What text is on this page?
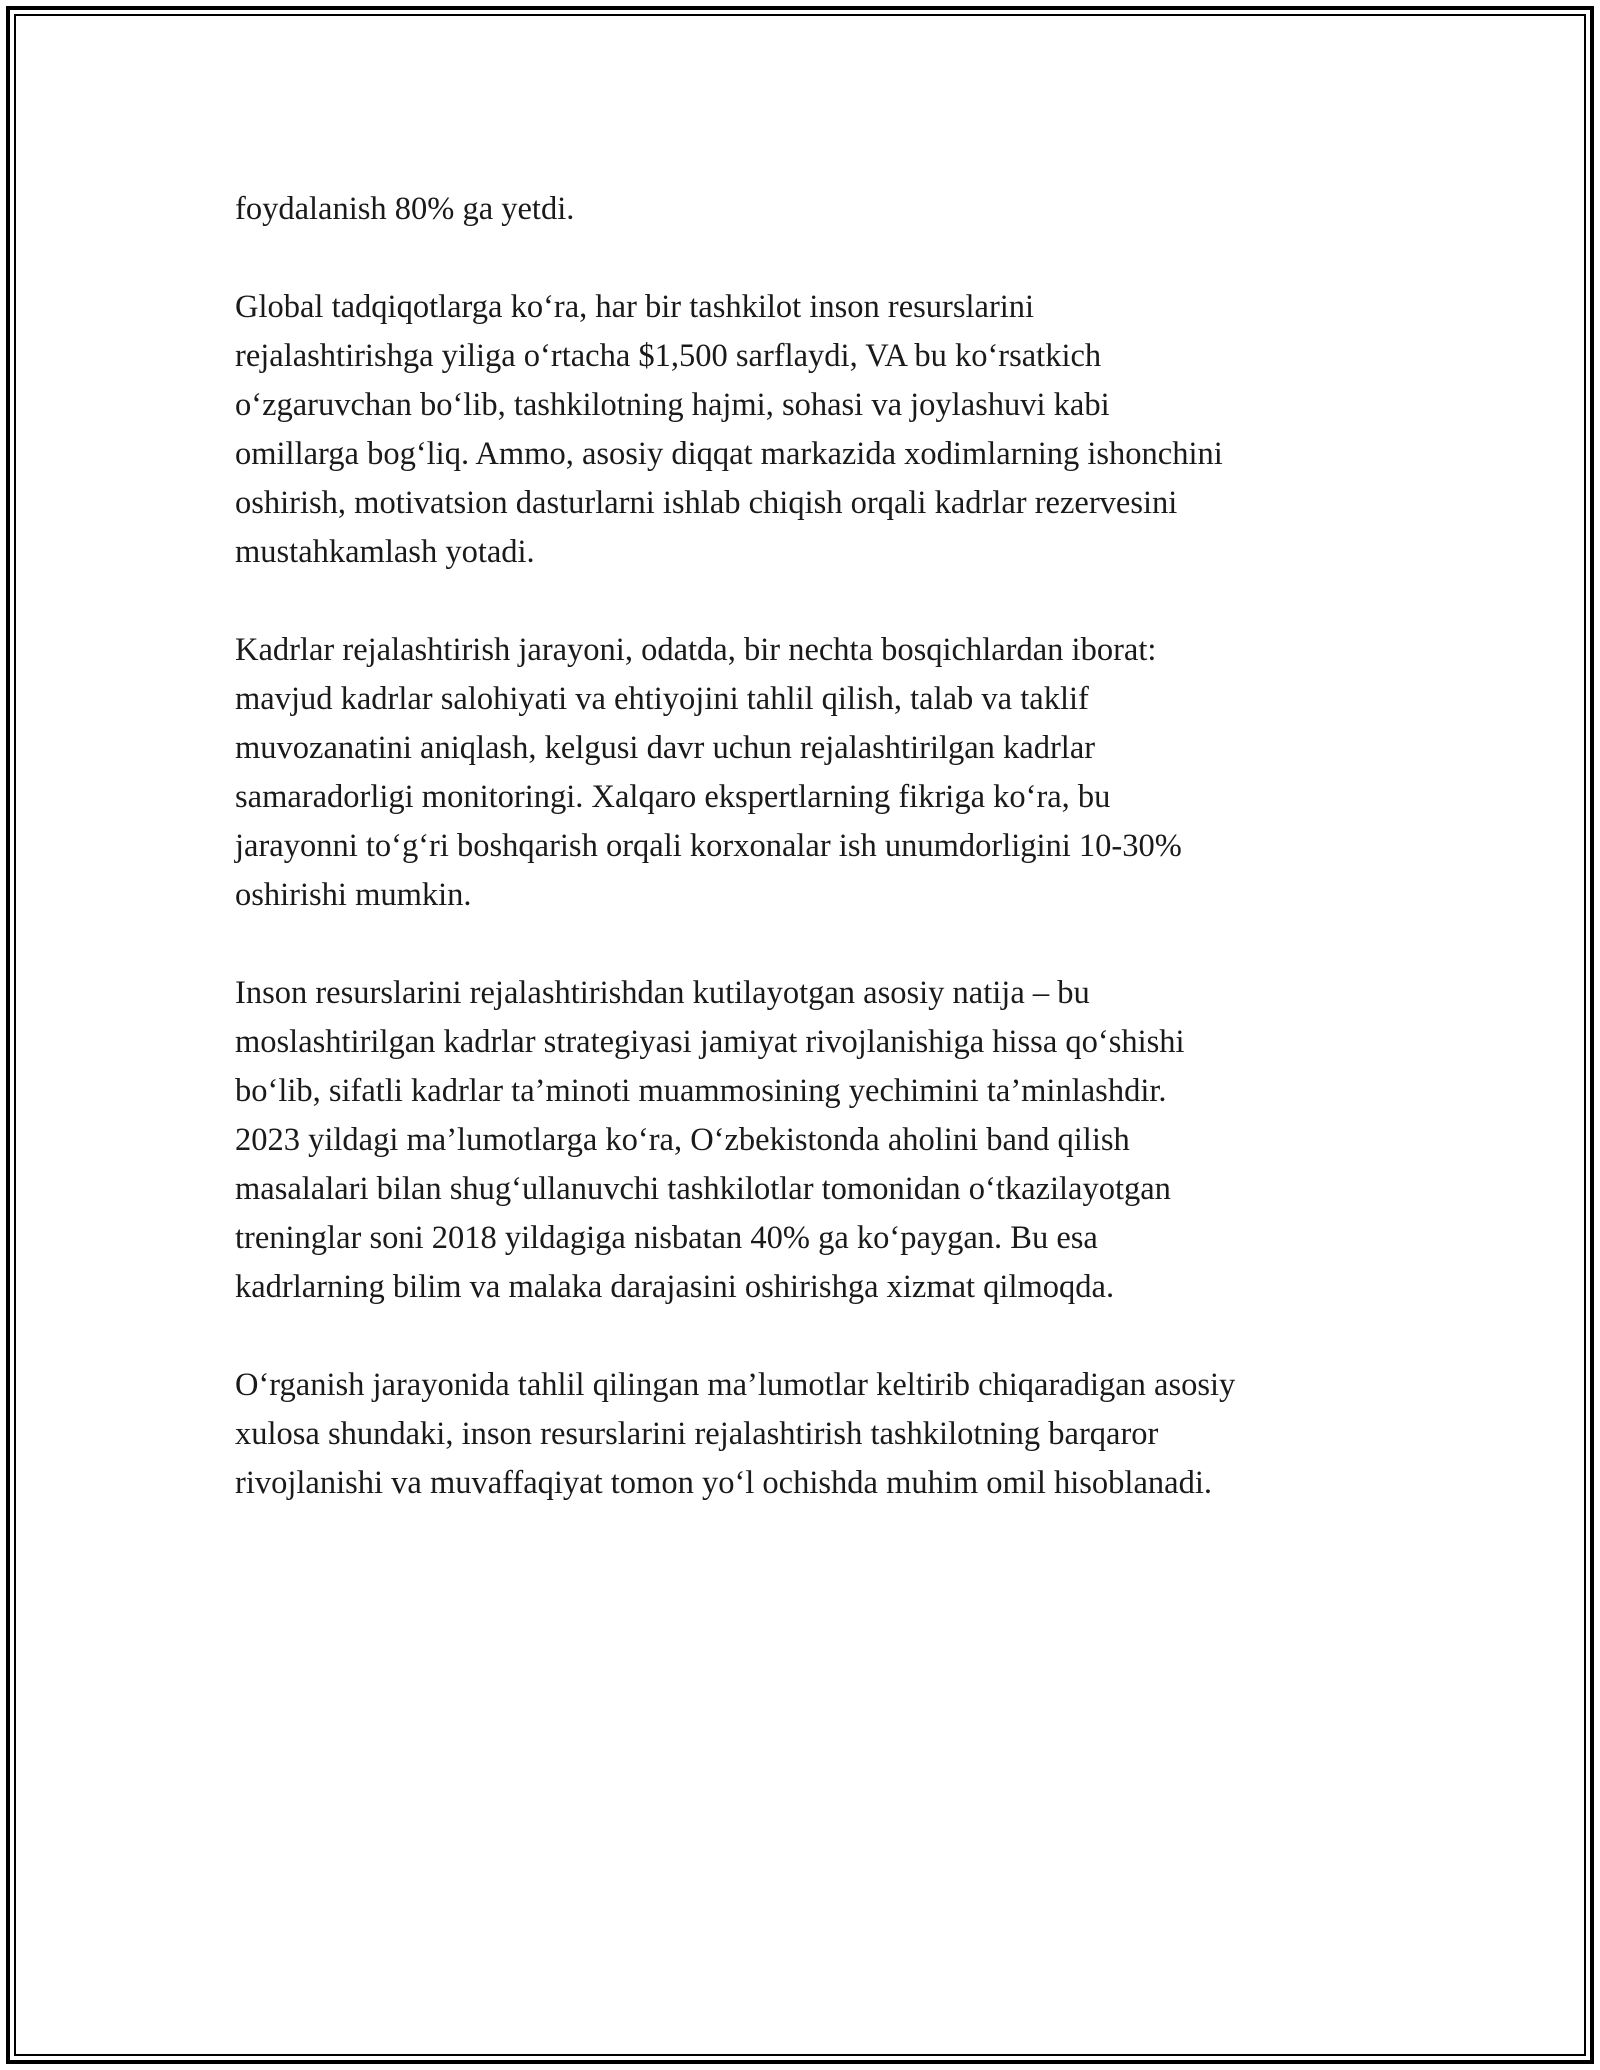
foydalanish 80% ga yetdi.

Global tadqiqotlarga ko‘ra, har bir tashkilot inson resurslarini
rejalashtirishga yiliga o‘rtacha $1,500 sarflaydi, VA bu ko‘rsatkich
o‘zgaruvchan bo‘lib, tashkilotning hajmi, sohasi va joylashuvi kabi
omillarga bog‘liq. Ammo, asosiy diqqat markazida xodimlarning ishonchini
oshirish, motivatsion dasturlarni ishlab chiqish orqali kadrlar rezervesini
mustahkamlash yotadi.

Kadrlar rejalashtirish jarayoni, odatda, bir nechta bosqichlardan iborat:
mavjud kadrlar salohiyati va ehtiyojini tahlil qilish, talab va taklif
muvozanatini aniqlash, kelgusi davr uchun rejalashtirilgan kadrlar
samaradorligi monitoringi. Xalqaro ekspertlarning fikriga ko‘ra, bu
jarayonni to‘g‘ri boshqarish orqali korxonalar ish unumdorligini 10-30%
oshirishi mumkin.

Inson resurslarini rejalashtirishdan kutilayotgan asosiy natija – bu
moslashtirilgan kadrlar strategiyasi jamiyat rivojlanishiga hissa qo‘shishi
bo‘lib, sifatli kadrlar ta’minoti muammosining yechimini ta’minlashdir.
2023 yildagi ma’lumotlarga ko‘ra, O‘zbekistonda aholini band qilish
masalalari bilan shug‘ullanuvchi tashkilotlar tomonidan o‘tkazilayotgan
treninglar soni 2018 yildagiga nisbatan 40% ga ko‘paygan. Bu esa
kadrlarning bilim va malaka darajasini oshirishga xizmat qilmoqda.

O‘rganish jarayonida tahlil qilingan ma’lumotlar keltirib chiqaradigan asosiy
xulosa shundaki, inson resurslarini rejalashtirish tashkilotning barqaror
rivojlanishi va muvaffaqiyat tomon yo‘l ochishda muhim omil hisoblanadi.
